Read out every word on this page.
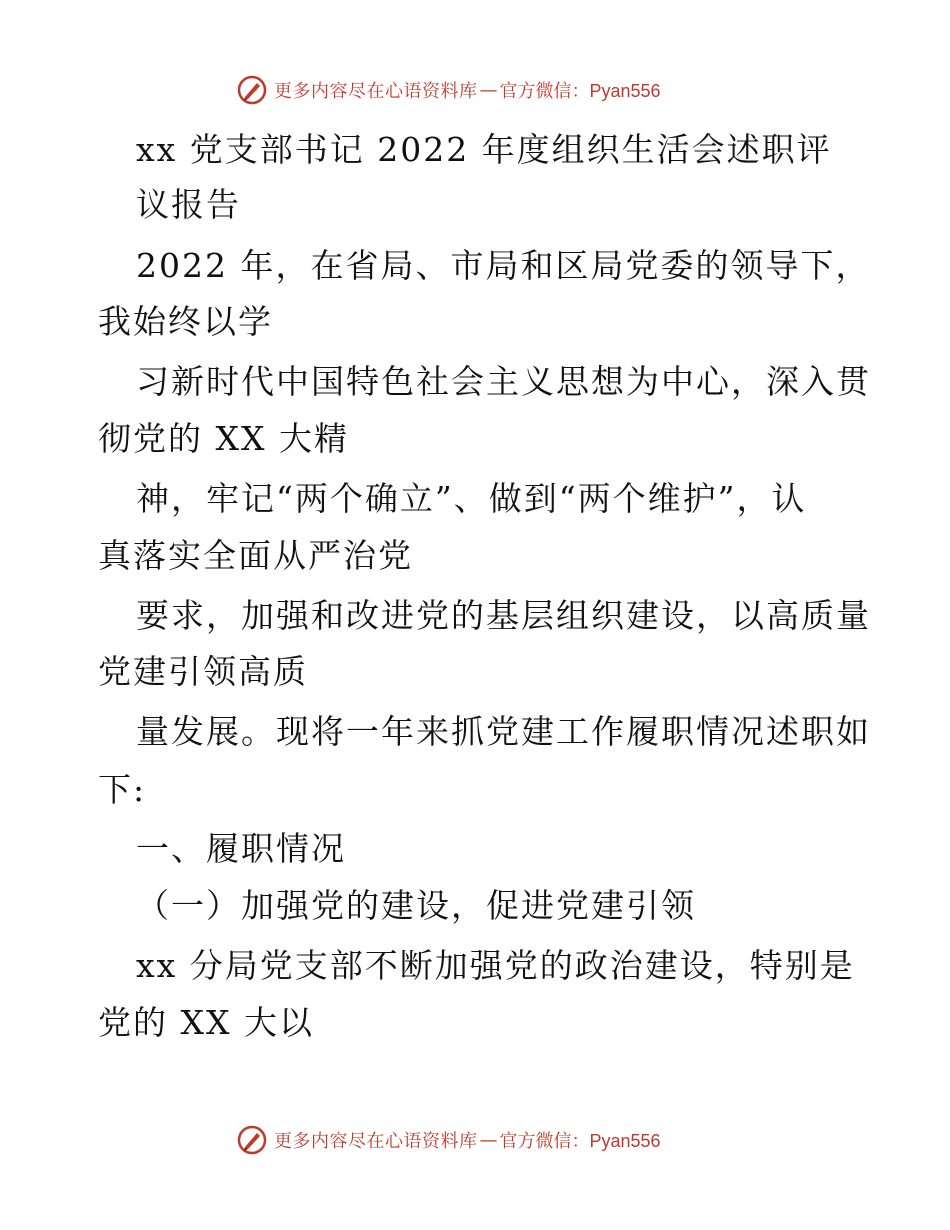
更多内容尽在心语资料库 — 官方微信：Pyan556
xx 党支部书记 2022 年度组织生活会述职评
议报告
2022 年，在省局、市局和区局党委的领导下，
我始终以学
习新时代中国特色社会主义思想为中心，深入贯
彻党的 XX 大精
神，牢记“两个确立”、做到“两个维护”，认
真落实全面从严治党
要求，加强和改进党的基层组织建设，以高质量
党建引领高质
量发展。现将一年来抓党建工作履职情况述职如
下:
一、履职情况
（一）加强党的建设，促进党建引领
xx 分局党支部不断加强党的政治建设，特别是
党的 XX 大以
更多内容尽在心语资料库 — 官方微信：Pyan556
